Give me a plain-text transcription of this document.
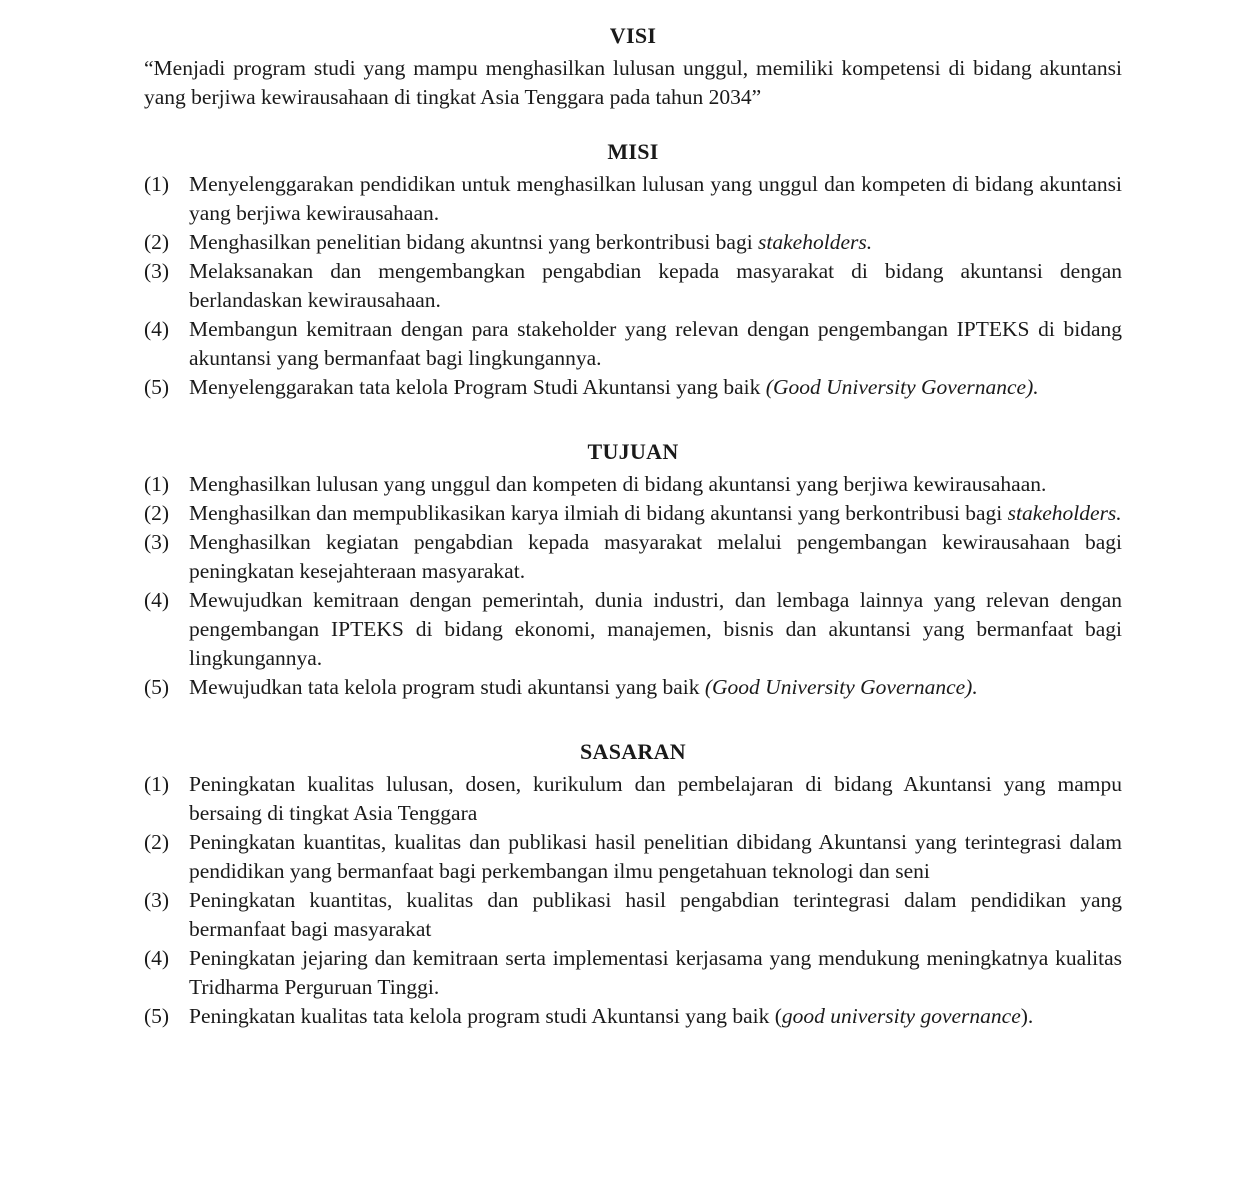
VISI

“Menjadi program studi yang mampu menghasilkan lulusan unggul, memiliki kompetensi di bidang akuntansi yang berjiwa kewirausahaan di tingkat Asia Tenggara pada tahun 2034”

MISI
(1) Menyelenggarakan pendidikan untuk menghasilkan lulusan yang unggul dan kompeten di bidang akuntansi yang berjiwa kewirausahaan.
(2) Menghasilkan penelitian bidang akuntnsi yang berkontribusi bagi stakeholders.
(3) Melaksanakan dan mengembangkan pengabdian kepada masyarakat di bidang akuntansi dengan berlandaskan kewirausahaan.
(4) Membangun kemitraan dengan para stakeholder yang relevan dengan pengembangan IPTEKS di bidang akuntansi yang bermanfaat bagi lingkungannya.
(5) Menyelenggarakan tata kelola Program Studi Akuntansi yang baik (Good University Governance).
TUJUAN
(1) Menghasilkan lulusan yang unggul dan kompeten di bidang akuntansi yang berjiwa kewirausahaan.
(2) Menghasilkan dan mempublikasikan karya ilmiah di bidang akuntansi yang berkontribusi bagi stakeholders.
(3) Menghasilkan kegiatan pengabdian kepada masyarakat melalui pengembangan kewirausahaan bagi peningkatan kesejahteraan masyarakat.
(4) Mewujudkan kemitraan dengan pemerintah, dunia industri, dan lembaga lainnya yang relevan dengan pengembangan IPTEKS di bidang ekonomi, manajemen, bisnis dan akuntansi yang bermanfaat bagi lingkungannya.
(5) Mewujudkan tata kelola program studi akuntansi yang baik (Good University Governance).
SASARAN
(1) Peningkatan kualitas lulusan, dosen, kurikulum dan pembelajaran di bidang Akuntansi yang mampu bersaing di tingkat Asia Tenggara
(2) Peningkatan kuantitas, kualitas dan publikasi hasil penelitian dibidang Akuntansi yang terintegrasi dalam pendidikan yang bermanfaat bagi perkembangan ilmu pengetahuan teknologi dan seni
(3) Peningkatan kuantitas, kualitas dan publikasi hasil pengabdian terintegrasi dalam pendidikan yang bermanfaat bagi masyarakat
(4) Peningkatan jejaring dan kemitraan serta implementasi kerjasama yang mendukung meningkatnya kualitas Tridharma Perguruan Tinggi.
(5) Peningkatan kualitas tata kelola program studi Akuntansi yang baik (good university governance).
